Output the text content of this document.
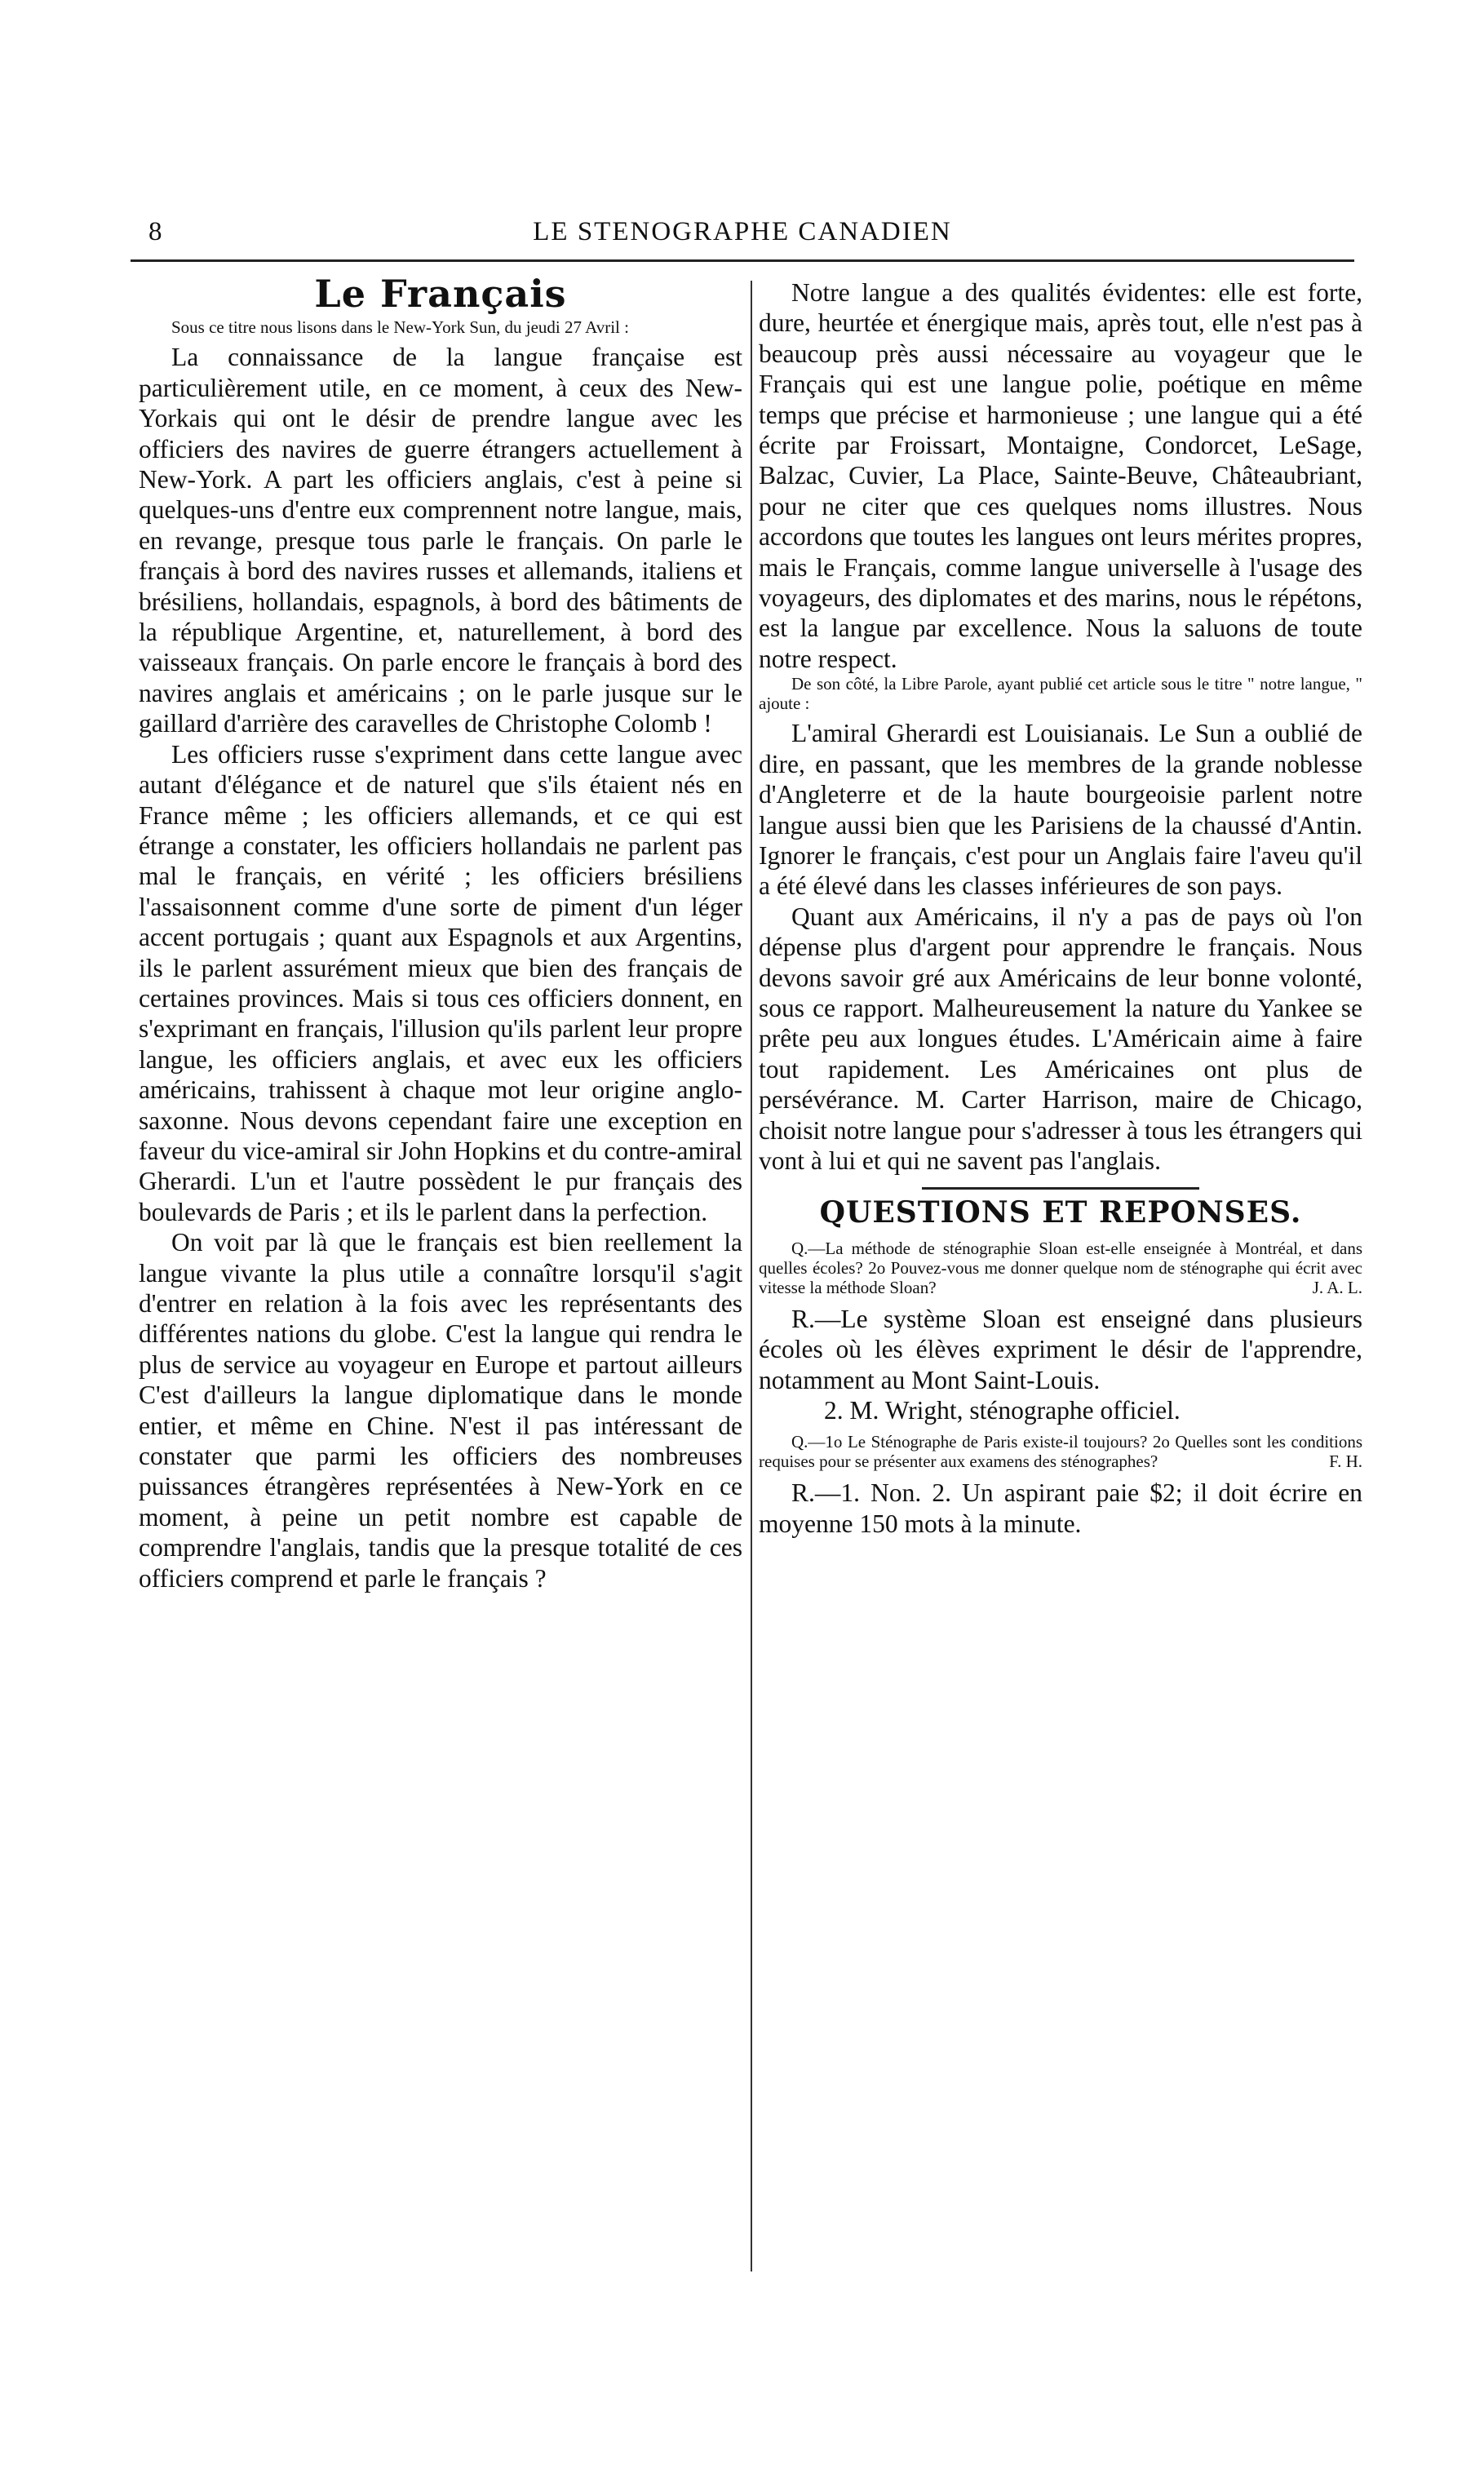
8	LE STENOGRAPHE CANADIEN
Le Français

Sous ce titre nous lisons dans le New-York Sun, du jeudi 27 Avril :

La connaissance de la langue française est particulièrement utile, en ce moment, à ceux des New-Yorkais qui ont le désir de prendre langue avec les officiers des navires de guerre étrangers actuellement à New-York. A part les officiers anglais, c'est à peine si quelques-uns d'entre eux comprennent notre langue, mais, en revange, presque tous parle le français. On parle le français à bord des navires russes et allemands, italiens et brésiliens, hollandais, espagnols, à bord des bâtiments de la république Argentine, et, naturellement, à bord des vaisseaux français. On parle encore le français à bord des navires anglais et américains ; on le parle jusque sur le gaillard d'arrière des caravelles de Christophe Colomb !

Les officiers russe s'expriment dans cette langue avec autant d'élégance et de naturel que s'ils étaient nés en France même ; les officiers allemands, et ce qui est étrange a constater, les officiers hollandais ne parlent pas mal le français, en vérité ; les officiers brésiliens l'assaisonnent comme d'une sorte de piment d'un léger accent portugais ; quant aux Espagnols et aux Argentins, ils le parlent assurément mieux que bien des français de certaines provinces. Mais si tous ces officiers donnent, en s'exprimant en français, l'illusion qu'ils parlent leur propre langue, les officiers anglais, et avec eux les officiers américains, trahissent à chaque mot leur origine anglo-saxonne. Nous devons cependant faire une exception en faveur du vice-amiral sir John Hopkins et du contre-amiral Gherardi. L'un et l'autre possèdent le pur français des boulevards de Paris ; et ils le parlent dans la perfection.

On voit par là que le français est bien reellement la langue vivante la plus utile a connaître lorsqu'il s'agit d'entrer en relation à la fois avec les représentants des différentes nations du globe. C'est la langue qui rendra le plus de service au voyageur en Europe et partout ailleurs C'est d'ailleurs la langue diplomatique dans le monde entier, et même en Chine. N'est il pas intéressant de constater que parmi les officiers des nombreuses puissances étrangères représentées à New-York en ce moment, à peine un petit nombre est capable de comprendre l'anglais, tandis que la presque totalité de ces officiers comprend et parle le français ?

Notre langue a des qualités évidentes: elle est forte, dure, heurtée et énergique mais, après tout, elle n'est pas à beaucoup près aussi nécessaire au voyageur que le Français qui est une langue polie, poétique en même temps que précise et harmonieuse ; une langue qui a été écrite par Froissart, Montaigne, Condorcet, LeSage, Balzac, Cuvier, La Place, Sainte-Beuve, Châteaubriant, pour ne citer que ces quelques noms illustres. Nous accordons que toutes les langues ont leurs mérites propres, mais le Français, comme langue universelle à l'usage des voyageurs, des diplomates et des marins, nous le répétons, est la langue par excellence. Nous la saluons de toute notre respect.

De son côté, la Libre Parole, ayant publié cet article sous le titre " notre langue, " ajoute :

L'amiral Gherardi est Louisianais. Le Sun a oublié de dire, en passant, que les membres de la grande noblesse d'Angleterre et de la haute bourgeoisie parlent notre langue aussi bien que les Parisiens de la chaussé d'Antin. Ignorer le français, c'est pour un Anglais faire l'aveu qu'il a été élevé dans les classes inférieures de son pays.

Quant aux Américains, il n'y a pas de pays où l'on dépense plus d'argent pour apprendre le français. Nous devons savoir gré aux Américains de leur bonne volonté, sous ce rapport. Malheureusement la nature du Yankee se prête peu aux longues études. L'Américain aime à faire tout rapidement. Les Américaines ont plus de persévérance. M. Carter Harrison, maire de Chicago, choisit notre langue pour s'adresser à tous les étrangers qui vont à lui et qui ne savent pas l'anglais.

QUESTIONS ET REPONSES.

Q.—La méthode de sténographie Sloan est-elle enseignée à Montréal, et dans quelles écoles? 2o Pouvez-vous me donner quelque nom de sténographe qui écrit avec vitesse la méthode Sloan?	J. A. L.

R.—Le système Sloan est enseigné dans plusieurs écoles où les élèves expriment le désir de l'apprendre, notamment au Mont Saint-Louis.

2. M. Wright, sténographe officiel.

Q.—1o Le Sténographe de Paris existe-il toujours? 2o Quelles sont les conditions requises pour se présenter aux examens des sténographes?	F. H.

R.—1. Non. 2. Un aspirant paie $2; il doit écrire en moyenne 150 mots à la minute.
